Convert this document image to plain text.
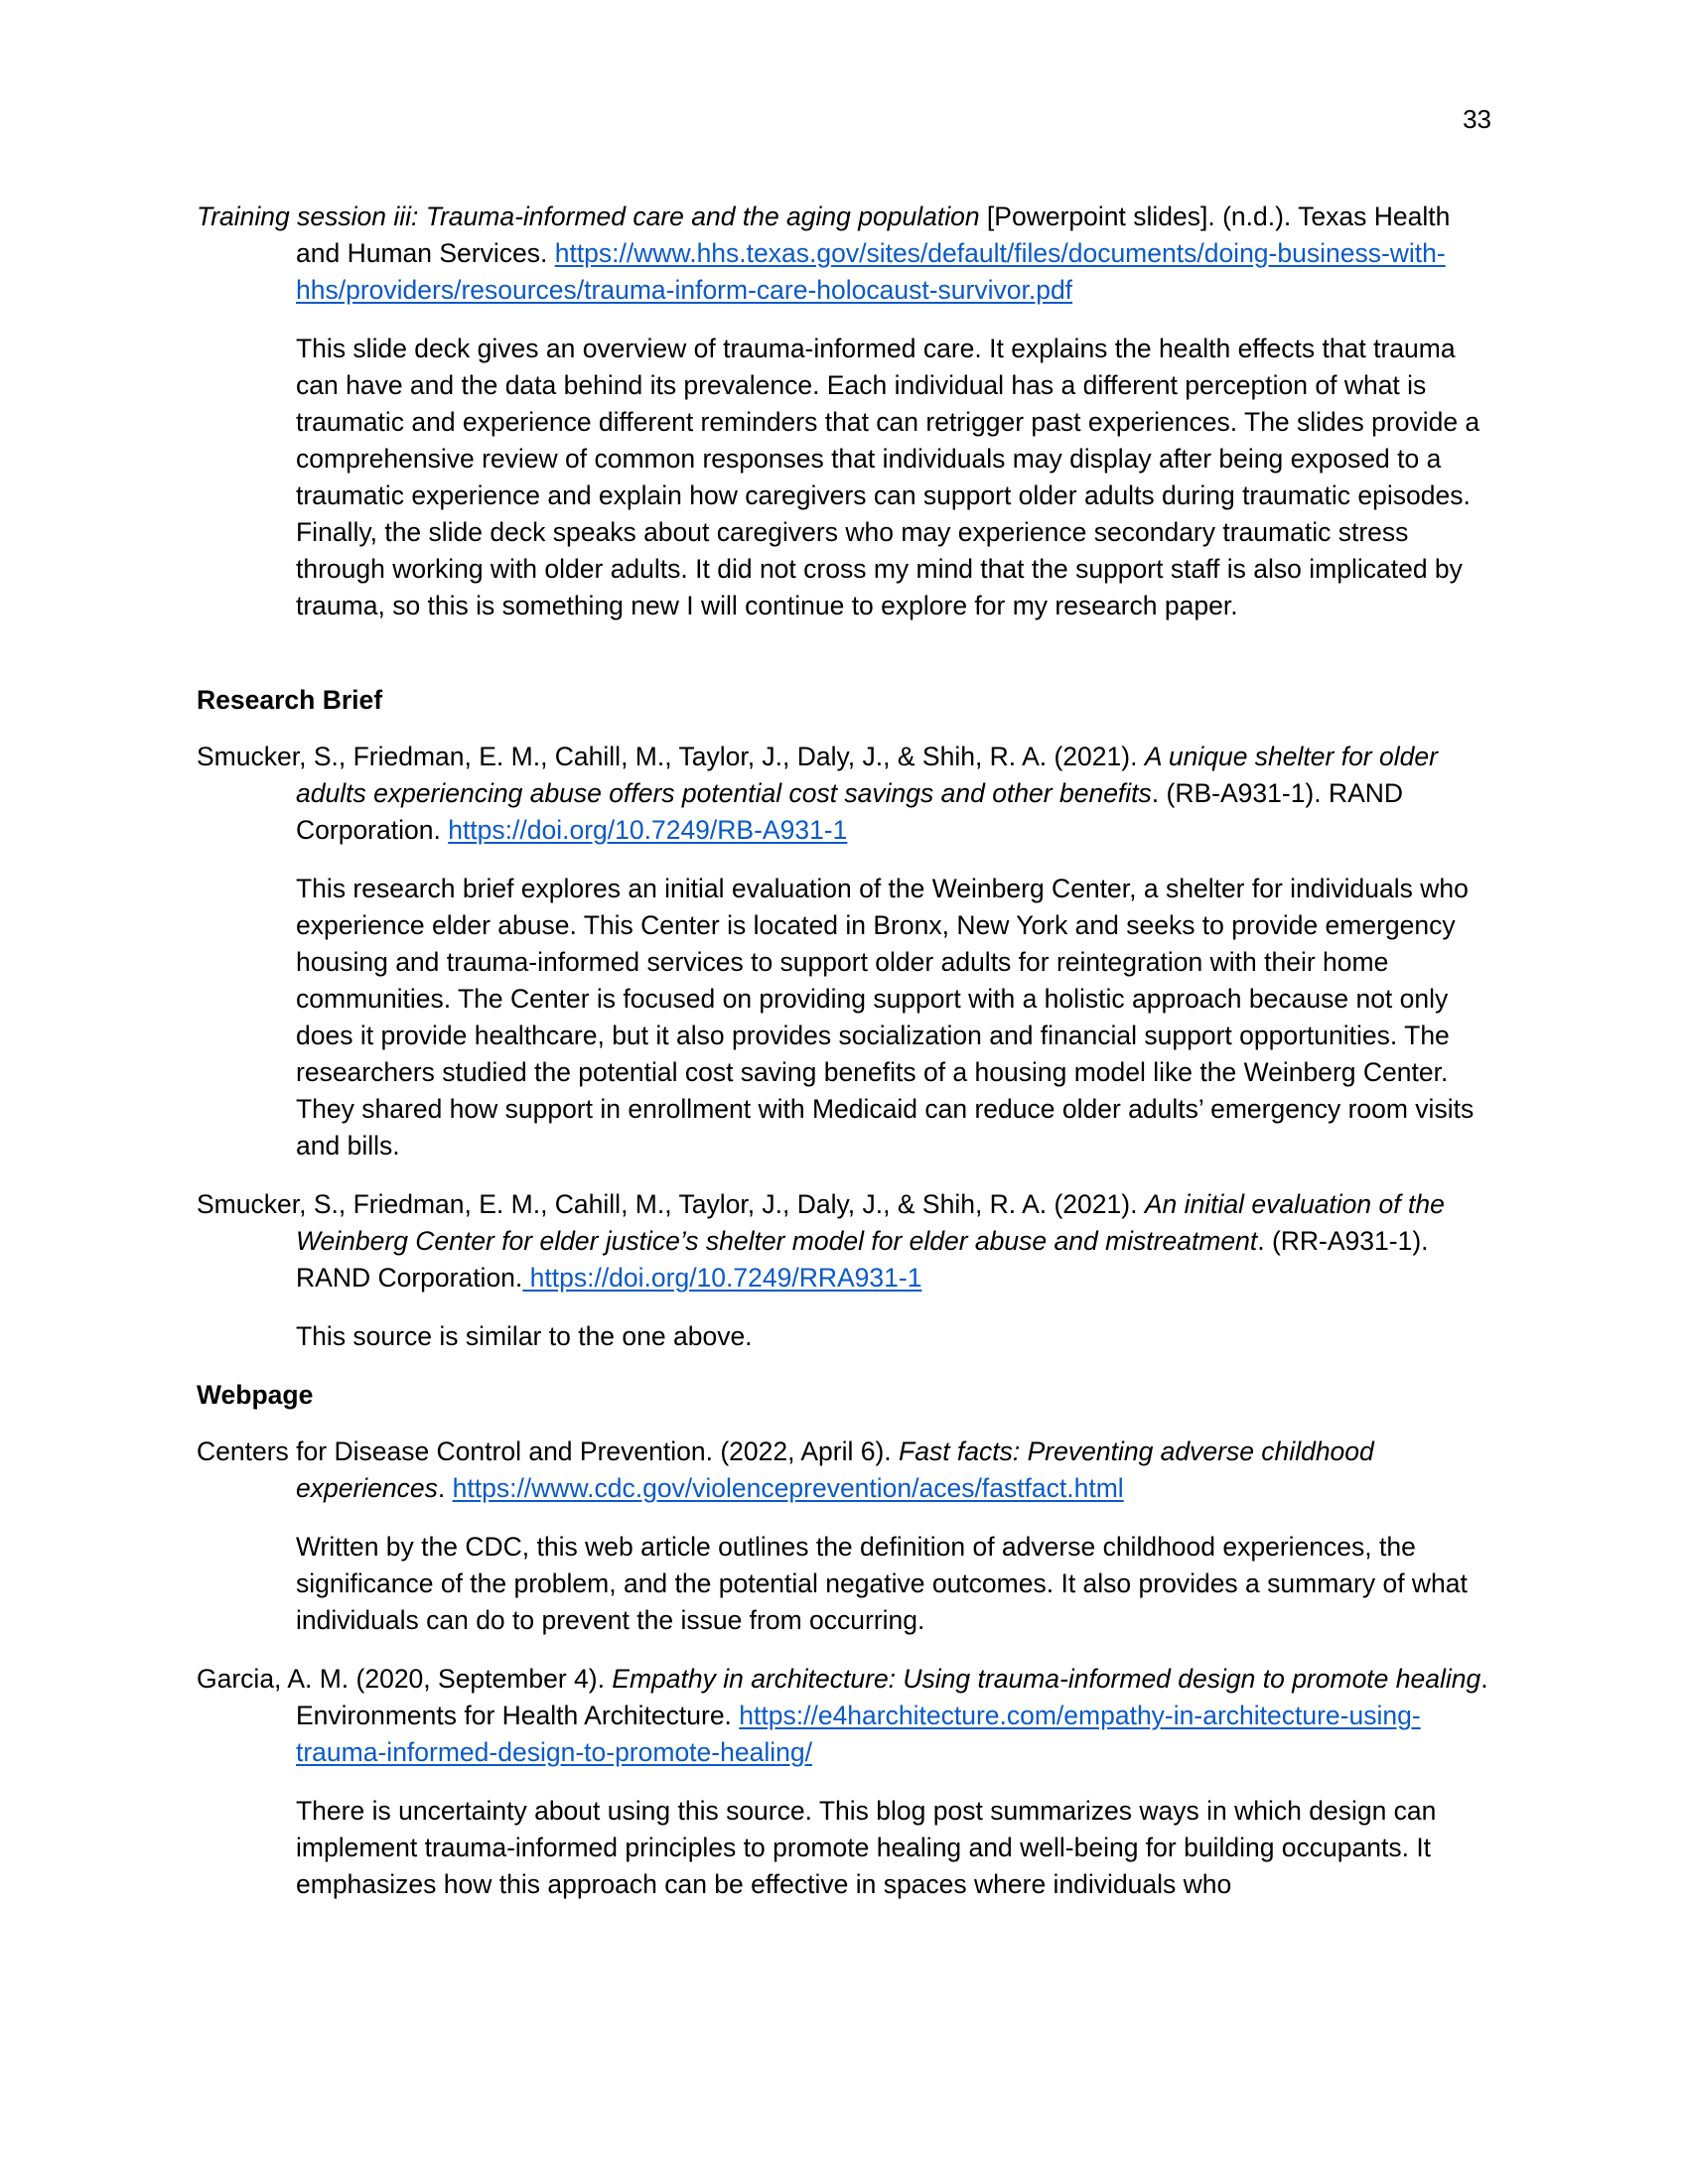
33

Training session iii: Trauma-informed care and the aging population [Powerpoint slides]. (n.d.). Texas Health and Human Services. https://www.hhs.texas.gov/sites/default/files/documents/doing-business-with-hhs/providers/resources/trauma-inform-care-holocaust-survivor.pdf

This slide deck gives an overview of trauma-informed care. It explains the health effects that trauma can have and the data behind its prevalence. Each individual has a different perception of what is traumatic and experience different reminders that can retrigger past experiences. The slides provide a comprehensive review of common responses that individuals may display after being exposed to a traumatic experience and explain how caregivers can support older adults during traumatic episodes. Finally, the slide deck speaks about caregivers who may experience secondary traumatic stress through working with older adults. It did not cross my mind that the support staff is also implicated by trauma, so this is something new I will continue to explore for my research paper.

Research Brief

Smucker, S., Friedman, E. M., Cahill, M., Taylor, J., Daly, J., & Shih, R. A. (2021). A unique shelter for older adults experiencing abuse offers potential cost savings and other benefits. (RB-A931-1). RAND Corporation. https://doi.org/10.7249/RB-A931-1

This research brief explores an initial evaluation of the Weinberg Center, a shelter for individuals who experience elder abuse. This Center is located in Bronx, New York and seeks to provide emergency housing and trauma-informed services to support older adults for reintegration with their home communities. The Center is focused on providing support with a holistic approach because not only does it provide healthcare, but it also provides socialization and financial support opportunities. The researchers studied the potential cost saving benefits of a housing model like the Weinberg Center. They shared how support in enrollment with Medicaid can reduce older adults’ emergency room visits and bills.

Smucker, S., Friedman, E. M., Cahill, M., Taylor, J., Daly, J., & Shih, R. A. (2021). An initial evaluation of the Weinberg Center for elder justice’s shelter model for elder abuse and mistreatment. (RR-A931-1). RAND Corporation. https://doi.org/10.7249/RRA931-1

This source is similar to the one above.

Webpage

Centers for Disease Control and Prevention. (2022, April 6). Fast facts: Preventing adverse childhood experiences. https://www.cdc.gov/violenceprevention/aces/fastfact.html

Written by the CDC, this web article outlines the definition of adverse childhood experiences, the significance of the problem, and the potential negative outcomes. It also provides a summary of what individuals can do to prevent the issue from occurring.

Garcia, A. M. (2020, September 4). Empathy in architecture: Using trauma-informed design to promote healing. Environments for Health Architecture. https://e4harchitecture.com/empathy-in-architecture-using-trauma-informed-design-to-promote-healing/

There is uncertainty about using this source. This blog post summarizes ways in which design can implement trauma-informed principles to promote healing and well-being for building occupants. It emphasizes how this approach can be effective in spaces where individuals who
